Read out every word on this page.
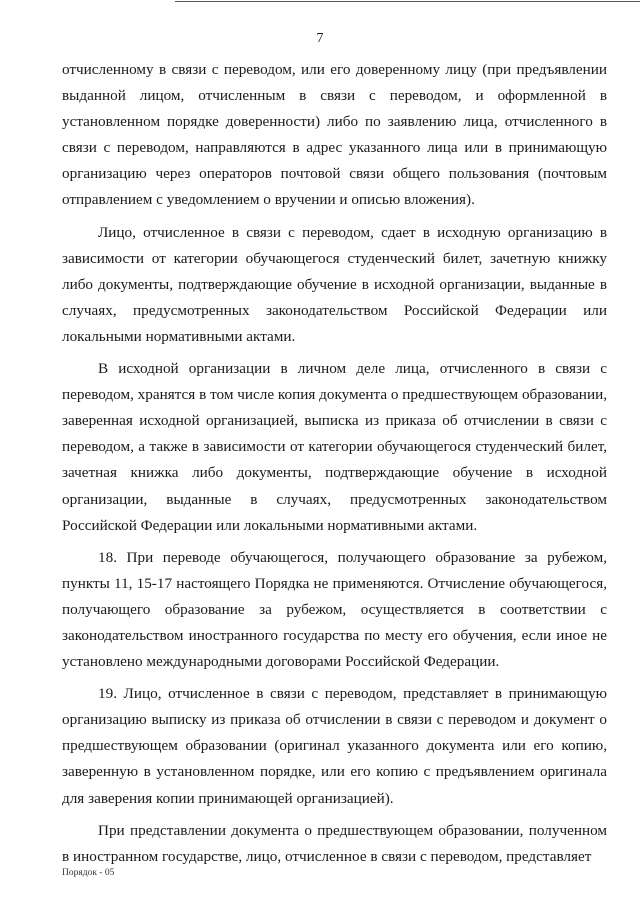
7

отчисленному в связи с переводом, или его доверенному лицу (при предъявлении выданной лицом, отчисленным в связи с переводом, и оформленной в установленном порядке доверенности) либо по заявлению лица, отчисленного в связи с переводом, направляются в адрес указанного лица или в принимающую организацию через операторов почтовой связи общего пользования (почтовым отправлением с уведомлением о вручении и описью вложения).

Лицо, отчисленное в связи с переводом, сдает в исходную организацию в зависимости от категории обучающегося студенческий билет, зачетную книжку либо документы, подтверждающие обучение в исходной организации, выданные в случаях, предусмотренных законодательством Российской Федерации или локальными нормативными актами.

В исходной организации в личном деле лица, отчисленного в связи с переводом, хранятся в том числе копия документа о предшествующем образовании, заверенная исходной организацией, выписка из приказа об отчислении в связи с переводом, а также в зависимости от категории обучающегося студенческий билет, зачетная книжка либо документы, подтверждающие обучение в исходной организации, выданные в случаях, предусмотренных законодательством Российской Федерации или локальными нормативными актами.

18. При переводе обучающегося, получающего образование за рубежом, пункты 11, 15-17 настоящего Порядка не применяются. Отчисление обучающегося, получающего образование за рубежом, осуществляется в соответствии с законодательством иностранного государства по месту его обучения, если иное не установлено международными договорами Российской Федерации.

19. Лицо, отчисленное в связи с переводом, представляет в принимающую организацию выписку из приказа об отчислении в связи с переводом и документ о предшествующем образовании (оригинал указанного документа или его копию, заверенную в установленном порядке, или его копию с предъявлением оригинала для заверения копии принимающей организацией).

При представлении документа о предшествующем образовании, полученном в иностранном государстве, лицо, отчисленное в связи с переводом, представляет

Порядок - 05
